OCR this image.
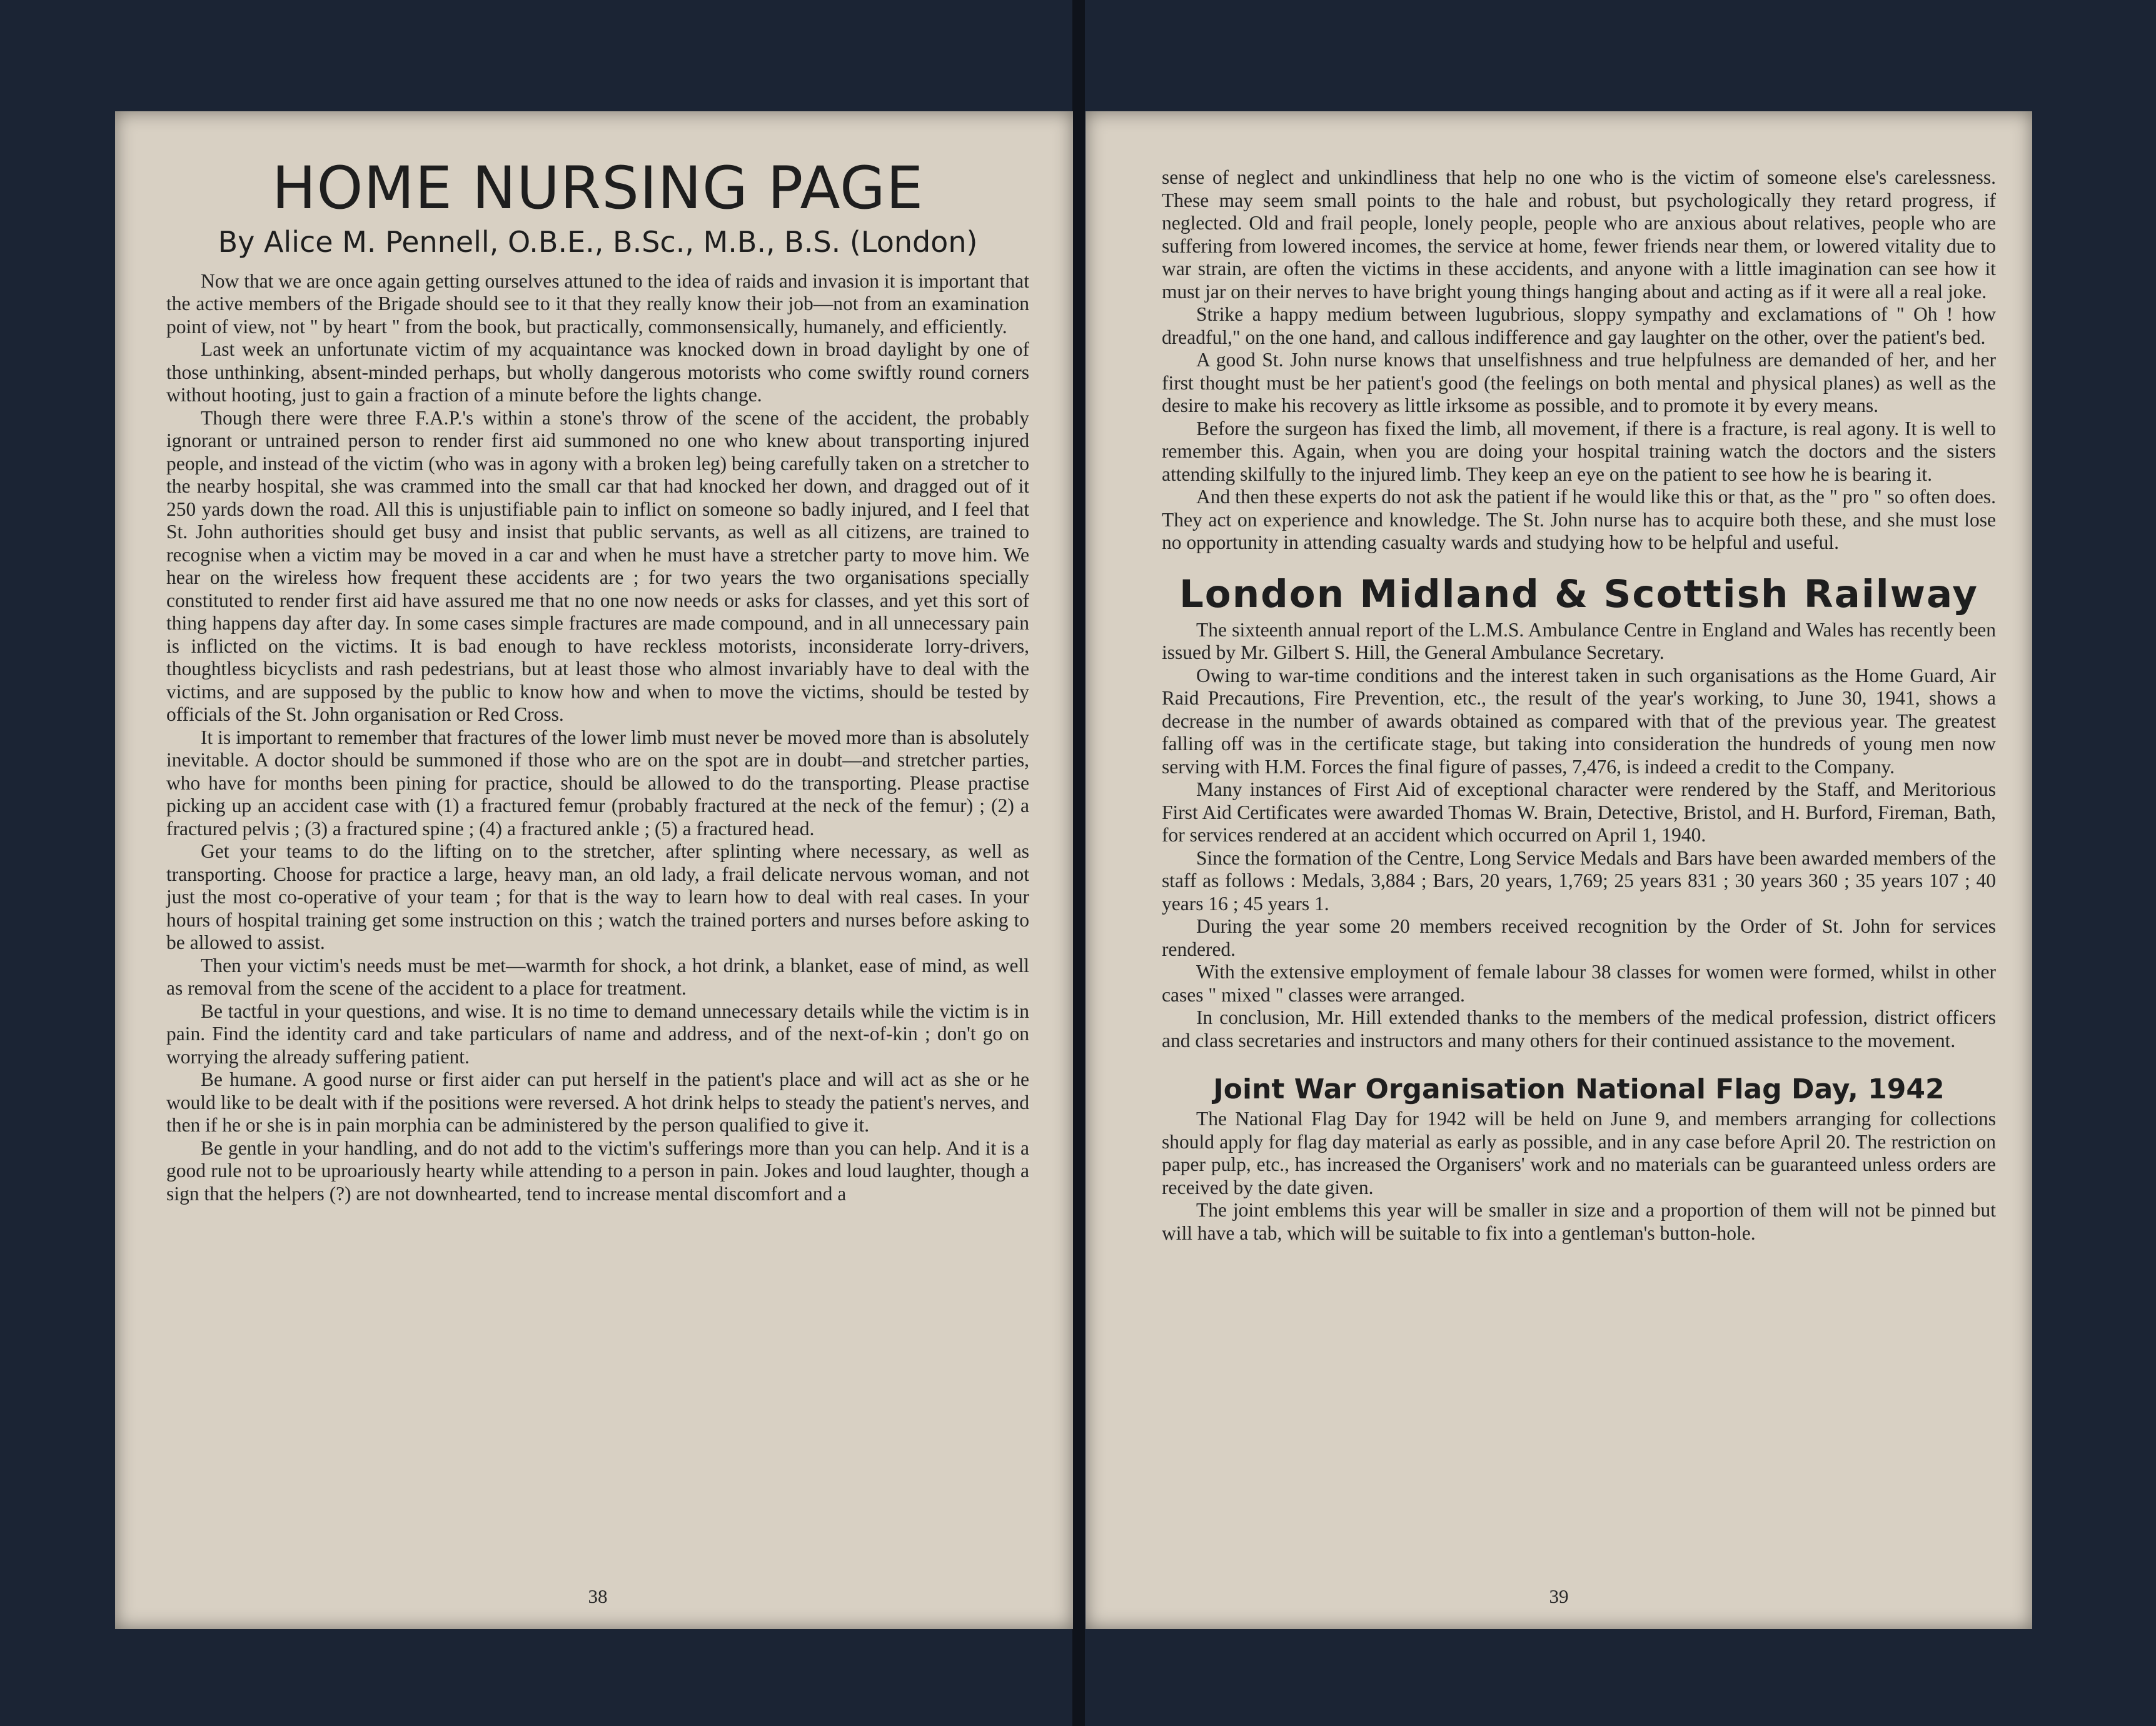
HOME NURSING PAGE
By Alice M. Pennell, O.B.E., B.Sc., M.B., B.S. (London)

Now that we are once again getting ourselves attuned to the idea of raids and invasion it is important that the active members of the Brigade should see to it that they really know their job—not from an examination point of view, not " by heart " from the book, but practically, commonsensically, humanely, and efficiently.

Last week an unfortunate victim of my acquaintance was knocked down in broad daylight by one of those unthinking, absent-minded perhaps, but wholly dangerous motorists who come swiftly round corners without hooting, just to gain a fraction of a minute before the lights change.

Though there were three F.A.P.'s within a stone's throw of the scene of the accident, the probably ignorant or untrained person to render first aid summoned no one who knew about transporting injured people, and instead of the victim (who was in agony with a broken leg) being carefully taken on a stretcher to the nearby hospital, she was crammed into the small car that had knocked her down, and dragged out of it 250 yards down the road. All this is unjustifiable pain to inflict on someone so badly injured, and I feel that St. John authorities should get busy and insist that public servants, as well as all citizens, are trained to recognise when a victim may be moved in a car and when he must have a stretcher party to move him. We hear on the wireless how frequent these accidents are ; for two years the two organisations specially constituted to render first aid have assured me that no one now needs or asks for classes, and yet this sort of thing happens day after day. In some cases simple fractures are made compound, and in all unnecessary pain is inflicted on the victims. It is bad enough to have reckless motorists, inconsiderate lorry-drivers, thoughtless bicyclists and rash pedestrians, but at least those who almost invariably have to deal with the victims, and are supposed by the public to know how and when to move the victims, should be tested by officials of the St. John organisation or Red Cross.

It is important to remember that fractures of the lower limb must never be moved more than is absolutely inevitable. A doctor should be summoned if those who are on the spot are in doubt—and stretcher parties, who have for months been pining for practice, should be allowed to do the transporting. Please practise picking up an accident case with (1) a fractured femur (probably fractured at the neck of the femur) ; (2) a fractured pelvis ; (3) a fractured spine ; (4) a fractured ankle ; (5) a fractured head.

Get your teams to do the lifting on to the stretcher, after splinting where necessary, as well as transporting. Choose for practice a large, heavy man, an old lady, a frail delicate nervous woman, and not just the most co-operative of your team ; for that is the way to learn how to deal with real cases. In your hours of hospital training get some instruction on this ; watch the trained porters and nurses before asking to be allowed to assist.

Then your victim's needs must be met—warmth for shock, a hot drink, a blanket, ease of mind, as well as removal from the scene of the accident to a place for treatment.

Be tactful in your questions, and wise. It is no time to demand unnecessary details while the victim is in pain. Find the identity card and take particulars of name and address, and of the next-of-kin ; don't go on worrying the already suffering patient.

Be humane. A good nurse or first aider can put herself in the patient's place and will act as she or he would like to be dealt with if the positions were reversed. A hot drink helps to steady the patient's nerves, and then if he or she is in pain morphia can be administered by the person qualified to give it.

Be gentle in your handling, and do not add to the victim's sufferings more than you can help. And it is a good rule not to be uproariously hearty while attending to a person in pain. Jokes and loud laughter, though a sign that the helpers (?) are not downhearted, tend to increase mental discomfort and a

38

sense of neglect and unkindliness that help no one who is the victim of someone else's carelessness. These may seem small points to the hale and robust, but psychologically they retard progress, if neglected. Old and frail people, lonely people, people who are anxious about relatives, people who are suffering from lowered incomes, the service at home, fewer friends near them, or lowered vitality due to war strain, are often the victims in these accidents, and anyone with a little imagination can see how it must jar on their nerves to have bright young things hanging about and acting as if it were all a real joke.

Strike a happy medium between lugubrious, sloppy sympathy and exclamations of " Oh ! how dreadful," on the one hand, and callous indifference and gay laughter on the other, over the patient's bed.

A good St. John nurse knows that unselfishness and true helpfulness are demanded of her, and her first thought must be her patient's good (the feelings on both mental and physical planes) as well as the desire to make his recovery as little irksome as possible, and to promote it by every means.

Before the surgeon has fixed the limb, all movement, if there is a fracture, is real agony. It is well to remember this. Again, when you are doing your hospital training watch the doctors and the sisters attending skilfully to the injured limb. They keep an eye on the patient to see how he is bearing it.

And then these experts do not ask the patient if he would like this or that, as the " pro " so often does. They act on experience and knowledge. The St. John nurse has to acquire both these, and she must lose no opportunity in attending casualty wards and studying how to be helpful and useful.

London Midland & Scottish Railway

The sixteenth annual report of the L.M.S. Ambulance Centre in England and Wales has recently been issued by Mr. Gilbert S. Hill, the General Ambulance Secretary.

Owing to war-time conditions and the interest taken in such organisations as the Home Guard, Air Raid Precautions, Fire Prevention, etc., the result of the year's working, to June 30, 1941, shows a decrease in the number of awards obtained as compared with that of the previous year. The greatest falling off was in the certificate stage, but taking into consideration the hundreds of young men now serving with H.M. Forces the final figure of passes, 7,476, is indeed a credit to the Company.

Many instances of First Aid of exceptional character were rendered by the Staff, and Meritorious First Aid Certificates were awarded Thomas W. Brain, Detective, Bristol, and H. Burford, Fireman, Bath, for services rendered at an accident which occurred on April 1, 1940.

Since the formation of the Centre, Long Service Medals and Bars have been awarded members of the staff as follows : Medals, 3,884 ; Bars, 20 years, 1,769; 25 years 831 ; 30 years 360 ; 35 years 107 ; 40 years 16 ; 45 years 1.

During the year some 20 members received recognition by the Order of St. John for services rendered.

With the extensive employment of female labour 38 classes for women were formed, whilst in other cases " mixed " classes were arranged.

In conclusion, Mr. Hill extended thanks to the members of the medical profession, district officers and class secretaries and instructors and many others for their continued assistance to the movement.

Joint War Organisation National Flag Day, 1942

The National Flag Day for 1942 will be held on June 9, and members arranging for collections should apply for flag day material as early as possible, and in any case before April 20. The restriction on paper pulp, etc., has increased the Organisers' work and no materials can be guaranteed unless orders are received by the date given.

The joint emblems this year will be smaller in size and a proportion of them will not be pinned but will have a tab, which will be suitable to fix into a gentleman's button-hole.

39
